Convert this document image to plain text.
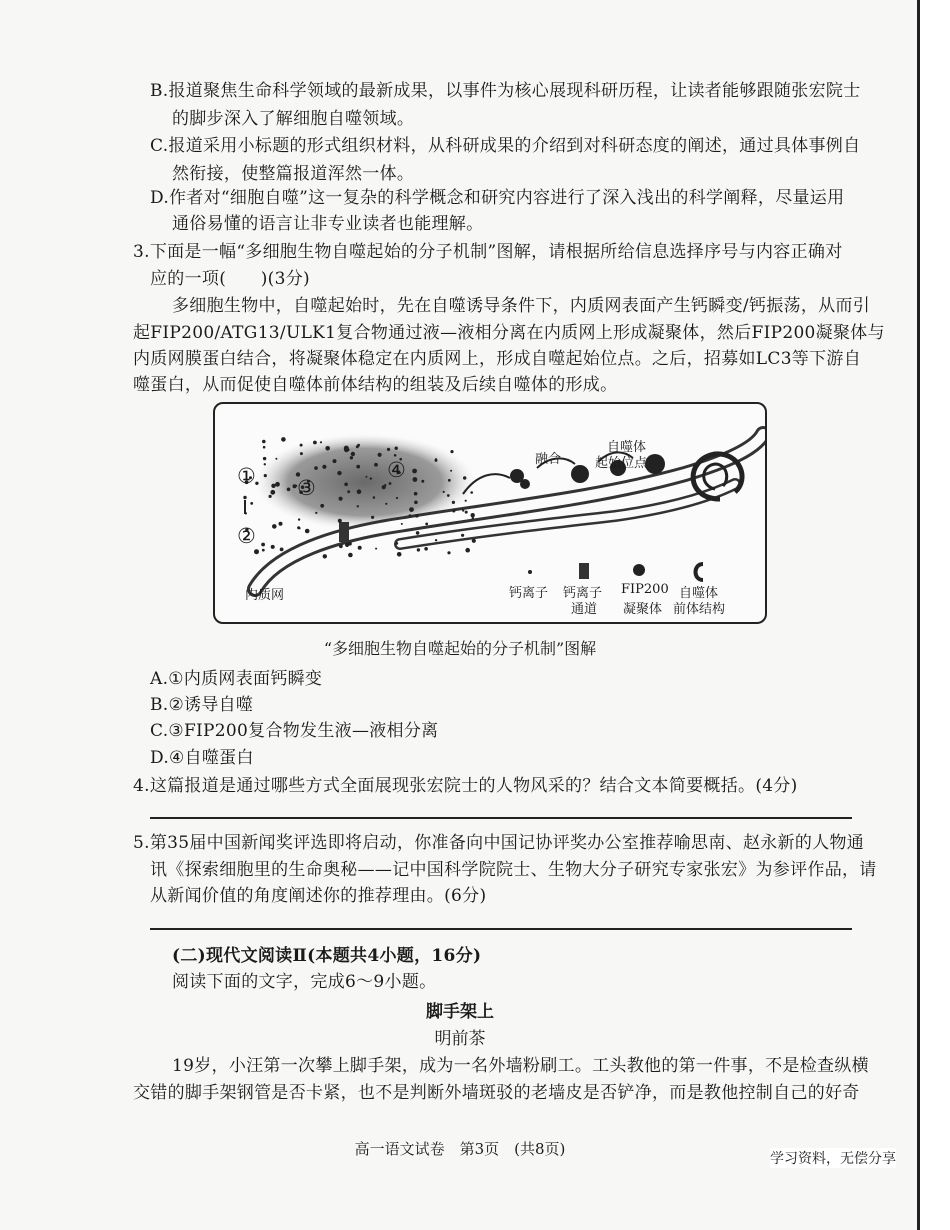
B.报道聚焦生命科学领域的最新成果，以事件为核心展现科研历程，让读者能够跟随张宏院士
的脚步深入了解细胞自噬领域。
C.报道采用小标题的形式组织材料，从科研成果的介绍到对科研态度的阐述，通过具体事例自
然衔接，使整篇报道浑然一体。
D.作者对“细胞自噬”这一复杂的科学概念和研究内容进行了深入浅出的科学阐释，尽量运用
通俗易懂的语言让非专业读者也能理解。
3.下面是一幅“多细胞生物自噬起始的分子机制”图解，请根据所给信息选择序号与内容正确对
应的一项(　　)(3分)
多细胞生物中，自噬起始时，先在自噬诱导条件下，内质网表面产生钙瞬变/钙振荡，从而引
起FIP200/ATG13/ULK1复合物通过液—液相分离在内质网上形成凝聚体，然后FIP200凝聚体与
内质网膜蛋白结合，将凝聚体稳定在内质网上，形成自噬起始位点。之后，招募如LC3等下游自
噬蛋白，从而促使自噬体前体结构的组装及后续自噬体的形成。
①
②
③
④
内质网
融合
自噬体
起始位点
钙离子 钙离子
通道
FIP200
凝聚体
自噬体
前体结构
“多细胞生物自噬起始的分子机制”图解
A.①内质网表面钙瞬变
B.②诱导自噬
C.③FIP200复合物发生液—液相分离
D.④自噬蛋白
4.这篇报道是通过哪些方式全面展现张宏院士的人物风采的？结合文本简要概括。(4分)
5.第35届中国新闻奖评选即将启动，你准备向中国记协评奖办公室推荐喻思南、赵永新的人物通
讯《探索细胞里的生命奥秘——记中国科学院院士、生物大分子研究专家张宏》为参评作品，请
从新闻价值的角度阐述你的推荐理由。(6分)
(二)现代文阅读Ⅱ(本题共4小题，16分)
阅读下面的文字，完成6～9小题。
脚手架上
明前茶
19岁，小汪第一次攀上脚手架，成为一名外墙粉刷工。工头教他的第一件事，不是检查纵横
交错的脚手架钢管是否卡紧，也不是判断外墙斑驳的老墙皮是否铲净，而是教他控制自己的好奇
高一语文试卷　第3页　(共8页)
学习资料，无偿分享
